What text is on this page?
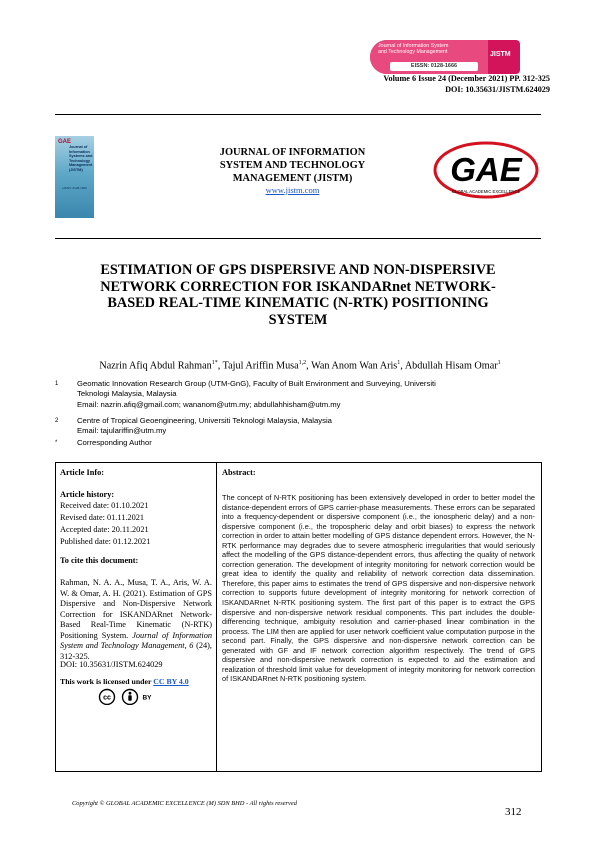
Journal of Information System
and Technology Management
EISSN: 0128-1666
JISTM
Volume 6 Issue 24 (December 2021) PP. 312-325
DOI: 10.35631/JISTM.624029
GAE
Journal of Information Systems and Technology Management (JISTM)
eISSN: 0128-1666
JOURNAL OF INFORMATION
SYSTEM AND TECHNOLOGY
MANAGEMENT (JISTM)
www.jistm.com
GAE
GLOBAL ACADEMIC EXCELLENCE
ESTIMATION OF GPS DISPERSIVE AND NON-DISPERSIVE
NETWORK CORRECTION FOR ISKANDARnet NETWORK-
BASED REAL-TIME KINEMATIC (N-RTK) POSITIONING
SYSTEM
Nazrin Afiq Abdul Rahman$^{1*}$, Tajul Ariffin Musa$^{1,2}$, Wan Anom Wan Aris$^1$, Abdullah Hisam Omar$^1$
1 Geomatic Innovation Research Group (UTM-GnG), Faculty of Built Environment and Surveying, Universiti
Teknologi Malaysia, Malaysia
Email: nazrin.afiq@gmail.com; wananom@utm.my; abdullahhisham@utm.my
2 Centre of Tropical Geoengineering, Universiti Teknologi Malaysia, Malaysia
Email: tajulariffin@utm.my
*	Corresponding Author
Article Info:
Article history:
Received date: 01.10.2021
Revised date: 01.11.2021
Accepted date: 20.11.2021
Published date: 01.12.2021
To cite this document:
Rahman, N. A. A., Musa, T. A., Aris, W. A. W. & Omar, A. H. (2021). Estimation of GPS Dispersive and Non-Dispersive Network Correction for ISKANDARnet Network-Based Real-Time Kinematic (N-RTK) Positioning System. Journal of Information System and Technology Management, 6 (24), 312-325.
DOI: 10.35631/JISTM.624029
This work is licensed under CC BY 4.0
cc	BY
Abstract:
The concept of N-RTK positioning has been extensively developed in order to better model the distance-dependent errors of GPS carrier-phase measurements. These errors can be separated into a frequency-dependent or dispersive component (i.e., the ionospheric delay) and a non-dispersive component (i.e., the tropospheric delay and orbit biases) to express the network correction in order to attain better modelling of GPS distance dependent errors. However, the N-RTK performance may degrades due to severe atmospheric irregularities that would seriously affect the modelling of the GPS distance-dependent errors, thus affecting the quality of network correction generation. The development of integrity monitoring for network correction would be great idea to identify the quality and reliability of network correction data dissemination. Therefore, this paper aims to estimates the trend of GPS dispersive and non-dispersive network correction to supports future development of integrity monitoring for network correction of ISKANDARnet N-RTK positioning system. The first part of this paper is to extract the GPS dispersive and non-dispersive network residual components. This part includes the double-differencing technique, ambiguity resolution and carrier-phased linear combination in the process. The LIM then are applied for user network coefficient value computation purpose in the second part. Finally, the GPS dispersive and non-dispersive network correction can be generated with GF and IF network correction algorithm respectively. The trend of GPS dispersive and non-dispersive network correction is expected to aid the estimation and realization of threshold limit value for development of integrity monitoring for network correction of ISKANDARnet N-RTK positioning system.
Copyright © GLOBAL ACADEMIC EXCELLENCE (M) SDN BHD - All rights reserved
312
